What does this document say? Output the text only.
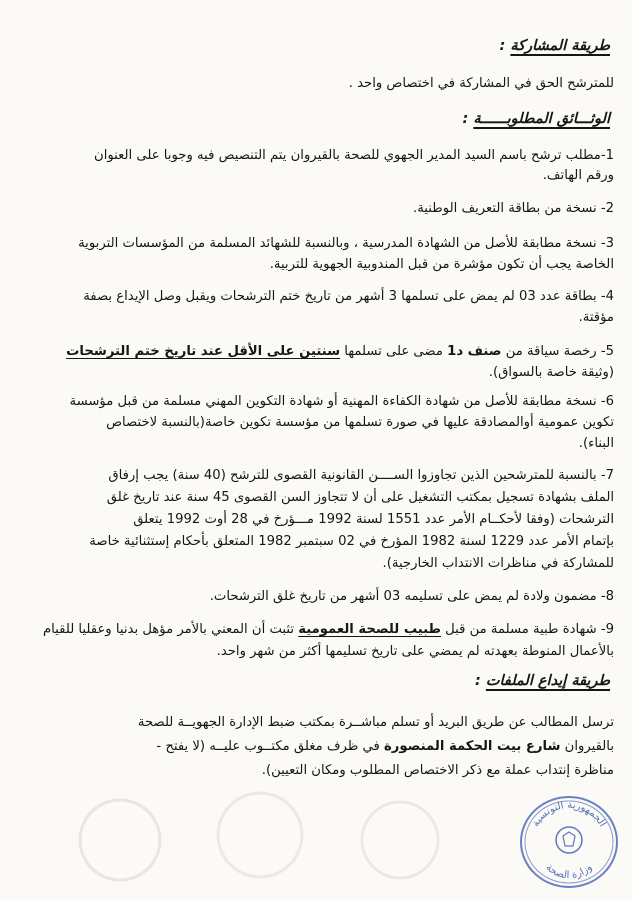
طريقة المشاركة :
للمترشح الحق في المشاركة في اختصاص واحد .
الوثـــائق المطلوبــــــة :
1-مطلب ترشح باسم السيد المدير الجهوي للصحة بالقيروان يتم التنصيص فيه وجوبا على العنوان
ورقم الهاتف.
2- نسخة من بطاقة التعريف الوطنية.
3- نسخة مطابقة للأصل من الشهادة المدرسية ، وبالنسبة للشهائد المسلمة من المؤسسات التربوية
الخاصة يجب أن تكون مؤشرة من قبل المندوبية الجهوية للتربية.
4- بطاقة عدد 03 لم يمض على تسلمها 3 أشهر من تاريخ ختم الترشحات ويقبل وصل الإيداع بصفة
مؤقتة.
5- رخصة سياقة من صنف د1 مضى على تسلمها سنتين على الأقل عند تاريخ ختم الترشحات
(وثيقة خاصة بالسواق).
6- نسخة مطابقة للأصل من شهادة الكفاءة المهنية أو شهادة التكوين المهني مسلمة من قبل مؤسسة
تكوين عمومية أوالمصادقة عليها في صورة تسلمها من مؤسسة تكوين خاصة(بالنسبة لاختصاص
البناء).
7- بالنسبة للمترشحين الذين تجاوزوا الســــن القانونية القصوى للترشح (40 سنة) يجب إرفاق
الملف بشهادة تسجيل بمكتب التشغيل على أن لا تتجاوز السن القصوى 45 سنة عند تاريخ غلق
الترشحات (وفقا لأحكــام الأمر عدد 1551 لسنة 1992 مـــؤرخ في 28 أوت 1992 يتعلق
بإتمام الأمر عدد 1229 لسنة 1982 المؤرخ في 02 سبتمبر 1982 المتعلق بأحكام إستثنائية خاصة
للمشاركة في مناظرات الانتداب الخارجية).
8- مضمون ولادة لم يمض على تسليمه 03 أشهر من تاريخ غلق الترشحات.
9- شهادة طبية مسلمة من قبل طبيب للصحة العمومية تثبت أن المعني بالأمر مؤهل بدنيا وعقليا للقيام
بالأعمال المنوطة بعهدته لم يمضي على تاريخ تسليمها أكثر من شهر واحد.
طريقة إيداع الملفات :
ترسل المطالب عن طريق البريد أو تسلم مباشــرة بمكتب ضبط الإدارة الجهويــة للصحة
بالقيروان شارع بيت الحكمة المنصورة في ظرف مغلق مكتــوب عليــه (لا يفتح -
مناظرة إنتداب عملة مع ذكر الاختصاص المطلوب ومكان التعيين).
الجمهورية التونسية
وزارة الصحة
